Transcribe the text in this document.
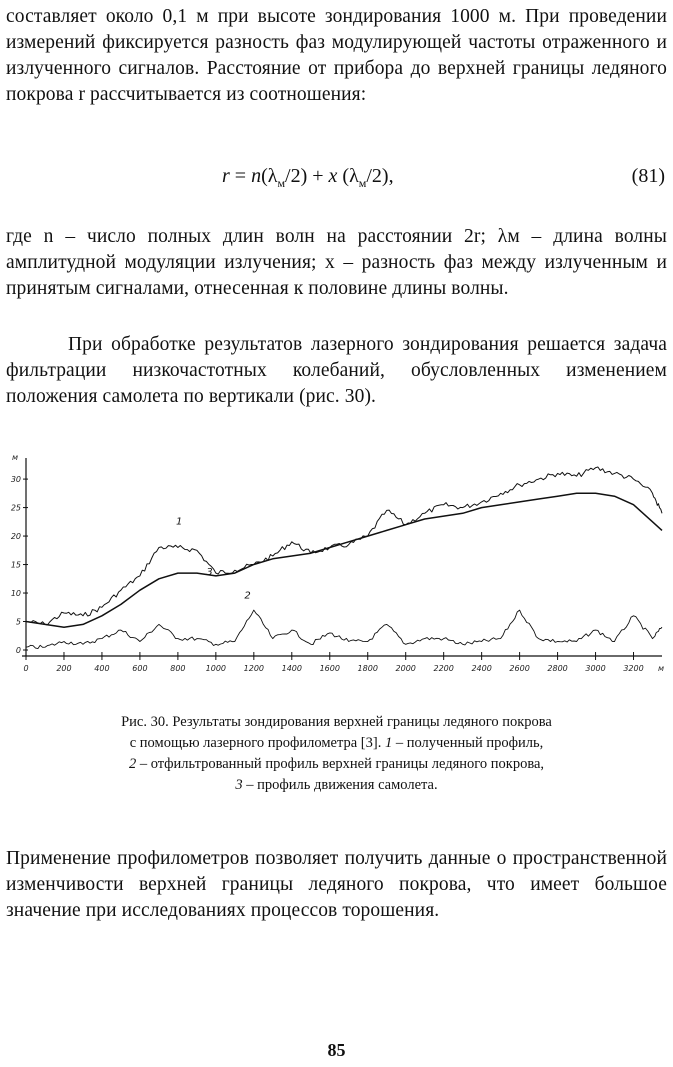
составляет около 0,1 м при высоте зондирования 1000 м. При проведении измерений фиксируется разность фаз модулирующей частоты отраженного и излученного сигналов. Расстояние от прибора до верхней границы ледяного покрова r рассчитывается из соотношения:
$r = n(\lambda_м/2) + x$ $(\lambda_м/2)$,	(81)
где n – число полных длин волн на расстоянии 2r; λм – длина волны амплитудной модуляции излучения; x – разность фаз между излученным и принятым сигналами, отнесенная к половине длины волны.
При обработке результатов лазерного зондирования решается задача фильтрации низкочастотных колебаний, обусловленных изменением положения самолета по вертикали (рис. 30).
0
5
10
15
20
25
30
м
0	200	400	600	800	1000 1200 1400 1600 1800 2000 2200 2400 2600 2800 3000 3200 м
1
2
3
Рис. 30. Результаты зондирования верхней границы ледяного покрова
с помощью лазерного профилометра [3]. 1 – полученный профиль,
2 – отфильтрованный профиль верхней границы ледяного покрова,
3 – профиль движения самолета.
Применение профилометров позволяет получить данные о пространственной изменчивости верхней границы ледяного покрова, что имеет большое значение при исследованиях процессов торошения.
85
